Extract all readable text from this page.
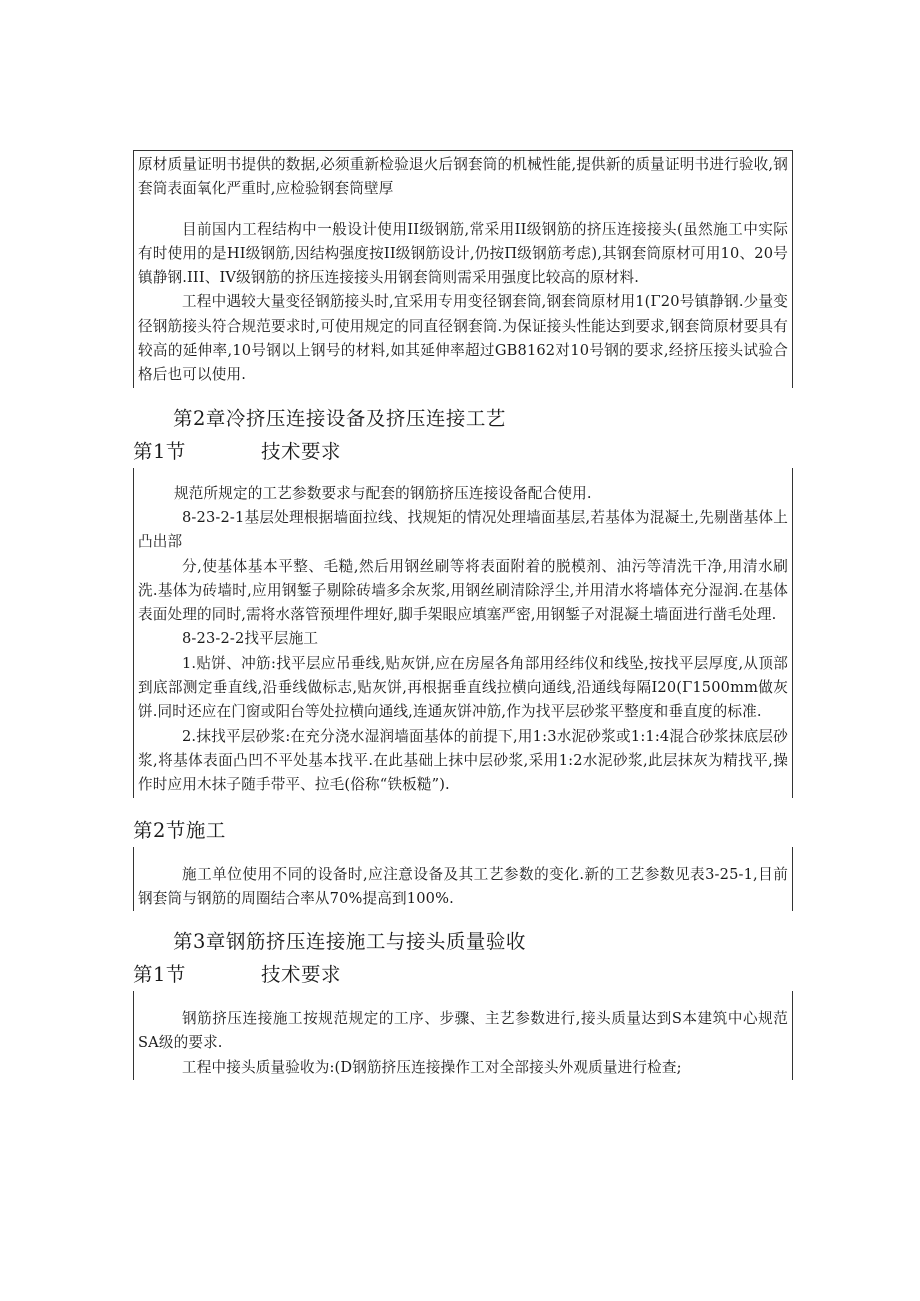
原材质量证明书提供的数据,必须重新检验退火后钢套筒的机械性能,提供新的质量证明书进行验收,钢套筒表面氧化严重时,应检验钢套筒壁厚

目前国内工程结构中一般设计使用II级钢筋,常采用II级钢筋的挤压连接接头(虽然施工中实际有时使用的是HI级钢筋,因结构强度按II级钢筋设计,仍按П级钢筋考虑),其钢套筒原材可用10、20号镇静钢.III、IV级钢筋的挤压连接接头用钢套筒则需采用强度比较高的原材料.

工程中遇较大量变径钢筋接头时,宜采用专用变径钢套筒,钢套筒原材用1(Γ20号镇静钢.少量变径钢筋接头符合规范要求时,可使用规定的同直径钢套筒.为保证接头性能达到要求,钢套筒原材要具有较高的延伸率,10号钢以上钢号的材料,如其延伸率超过GB8162对10号钢的要求,经挤压接头试验合格后也可以使用.

第2章冷挤压连接设备及挤压连接工艺
第1节	技术要求

规范所规定的工艺参数要求与配套的钢筋挤压连接设备配合使用.

8-23-2-1基层处理根据墙面拉线、找规矩的情况处理墙面基层,若基体为混凝土,先剔凿基体上凸出部

分,使基体基本平整、毛糙,然后用钢丝刷等将表面附着的脱模剂、油污等清洗干净,用清水刷洗.基体为砖墙时,应用钢錾子剔除砖墙多余灰浆,用钢丝刷清除浮尘,并用清水将墙体充分湿润.在基体表面处理的同时,需将水落管预埋件埋好,脚手架眼应填塞严密,用钢錾子对混凝土墙面进行凿毛处理.

8-23-2-2找平层施工

1.贴饼、冲筋:找平层应吊垂线,贴灰饼,应在房屋各角部用经纬仪和线坠,按找平层厚度,从顶部到底部测定垂直线,沿垂线做标志,贴灰饼,再根据垂直线拉横向通线,沿通线每隔I20(Γ1500mm做灰饼.同时还应在门窗或阳台等处拉横向通线,连通灰饼冲筋,作为找平层砂浆平整度和垂直度的标准.

2.抹找平层砂浆:在充分浇水湿润墙面基体的前提下,用1:3水泥砂浆或1:1:4混合砂浆抹底层砂浆,将基体表面凸凹不平处基本找平.在此基础上抹中层砂浆,采用1:2水泥砂浆,此层抹灰为精找平,操作时应用木抹子随手带平、拉毛(俗称“铁板糙”).

第2节施工

施工单位使用不同的设备时,应注意设备及其工艺参数的变化.新的工艺参数见表3-25-1,目前钢套筒与钢筋的周圈结合率从70%提高到100%.

第3章钢筋挤压连接施工与接头质量验收
第1节	技术要求

钢筋挤压连接施工按规范规定的工序、步骤、主艺参数进行,接头质量达到S本建筑中心规范SA级的要求.

工程中接头质量验收为:(D钢筋挤压连接操作工对全部接头外观质量进行检查;
